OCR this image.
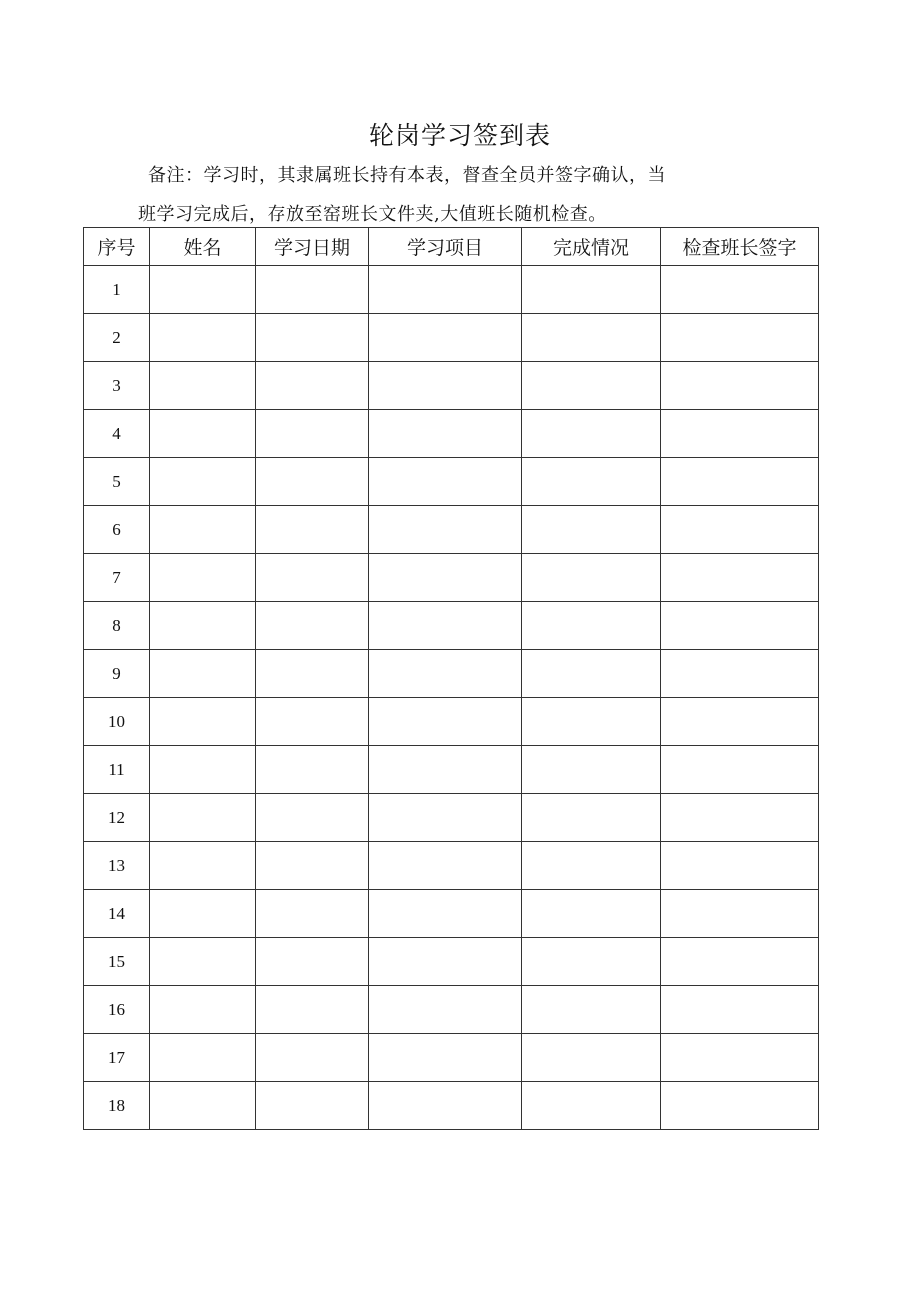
轮岗学习签到表
备注：学习时，其隶属班长持有本表，督查全员并签字确认，当
班学习完成后，存放至窑班长文件夹,大值班长随机检查。
序号	姓名	学习日期	学习项目	完成情况	检查班长签字
1					
2					
3					
4					
5					
6					
7					
8					
9					
10					
11					
12					
13					
14					
15					
16					
17					
18					
